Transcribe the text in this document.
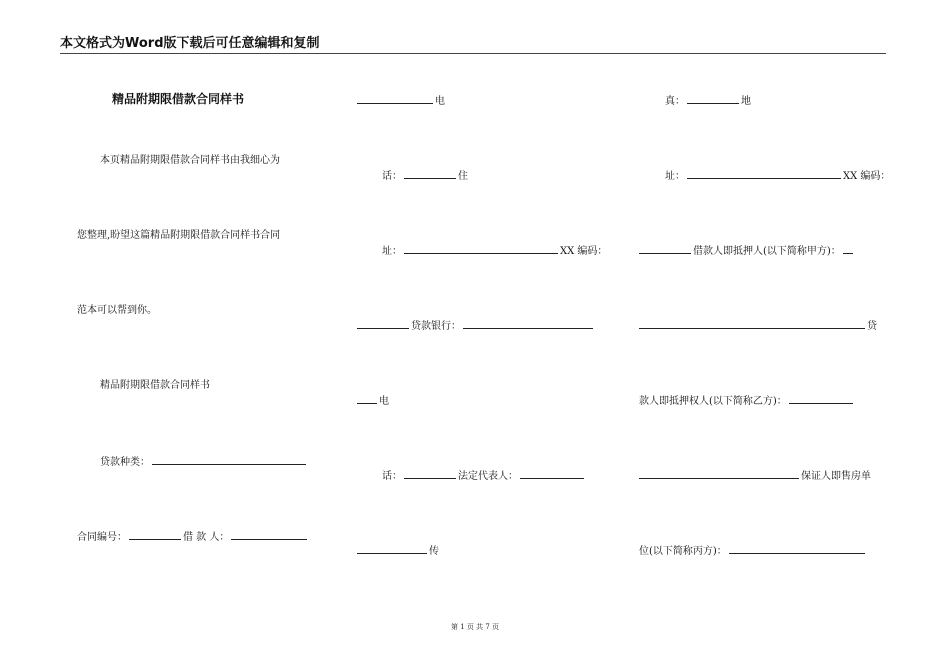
本文格式为Word版下载后可任意编辑和复制
精品附期限借款合同样书
本页精品附期限借款合同样书由我细心为
您整理,盼望这篇精品附期限借款合同样书合同
范本可以帮到你。
精品附期限借款合同样书
贷款种类：
合同编号：	借 款 人：
电
话：	住
址：	XX 编码：
贷款银行：
电
话：	法定代表人：
传
真：	地
址：	XX 编码：
借款人即抵押人(以下简称甲方)：
贷
款人即抵押权人(以下简称乙方)：
保证人即售房单
位(以下简称丙方)：
第 1 页 共 7 页
